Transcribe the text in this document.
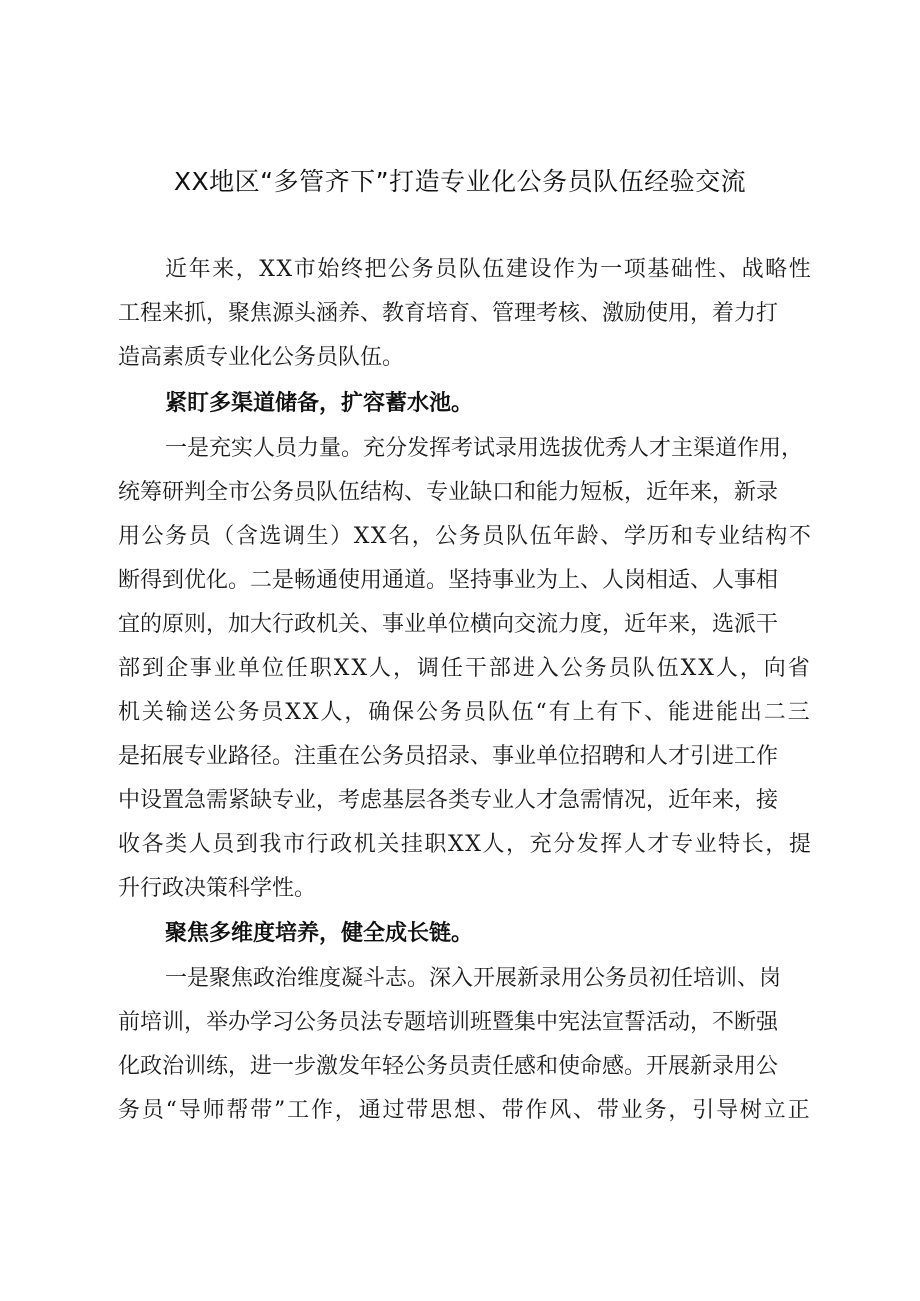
XX地区“多管齐下”打造专业化公务员队伍经验交流
近年来，XX市始终把公务员队伍建设作为一项基础性、战略性
工程来抓，聚焦源头涵养、教育培育、管理考核、激励使用，着力打
造高素质专业化公务员队伍。
紧盯多渠道储备，扩容蓄水池。
一是充实人员力量。充分发挥考试录用选拔优秀人才主渠道作用，
统筹研判全市公务员队伍结构、专业缺口和能力短板，近年来，新录
用公务员（含选调生）XX名，公务员队伍年龄、学历和专业结构不
断得到优化。二是畅通使用通道。坚持事业为上、人岗相适、人事相
宜的原则，加大行政机关、事业单位横向交流力度，近年来，选派干
部到企事业单位任职XX人，调任干部进入公务员队伍XX人，向省
机关输送公务员XX人，确保公务员队伍“有上有下、能进能出二三
是拓展专业路径。注重在公务员招录、事业单位招聘和人才引进工作
中设置急需紧缺专业，考虑基层各类专业人才急需情况，近年来，接
收各类人员到我市行政机关挂职XX人，充分发挥人才专业特长，提
升行政决策科学性。
聚焦多维度培养，健全成长链。
一是聚焦政治维度凝斗志。深入开展新录用公务员初任培训、岗
前培训，举办学习公务员法专题培训班暨集中宪法宣誓活动，不断强
化政治训练，进一步激发年轻公务员责任感和使命感。开展新录用公
务员“导师帮带”工作，通过带思想、带作风、带业务，引导树立正
